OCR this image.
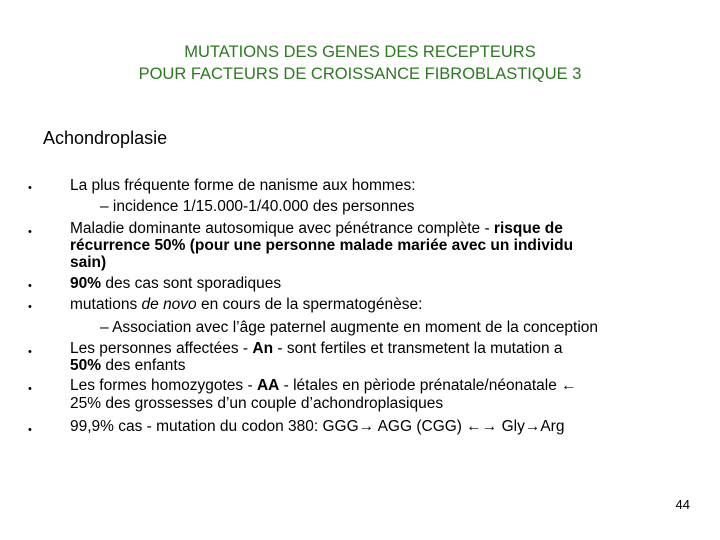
MUTATIONS DES GENES DES RECEPTEURS
POUR FACTEURS DE CROISSANCE FIBROBLASTIQUE 3
Achondroplasie
• La plus fréquente forme de nanisme aux hommes:
– incidence 1/15.000-1/40.000 des personnes
• Maladie dominante autosomique avec pénétrance complète - risque de
récurrence 50% (pour une personne malade mariée avec un individu
sain)
• 90% des cas sont sporadiques
• mutations de novo en cours de la spermatogénèse:
– Association avec l’âge paternel augmente en moment de la conception
• Les personnes affectées - An - sont fertiles et transmetent la mutation a
50% des enfants
• Les formes homozygotes - AA - létales en pèriode prénatale/néonatale ←
25% des grossesses d’un couple d’achondroplasiques
• 99,9% cas - mutation du codon 380: GGG→ AGG (CGG) ←→ Gly→Arg
44
